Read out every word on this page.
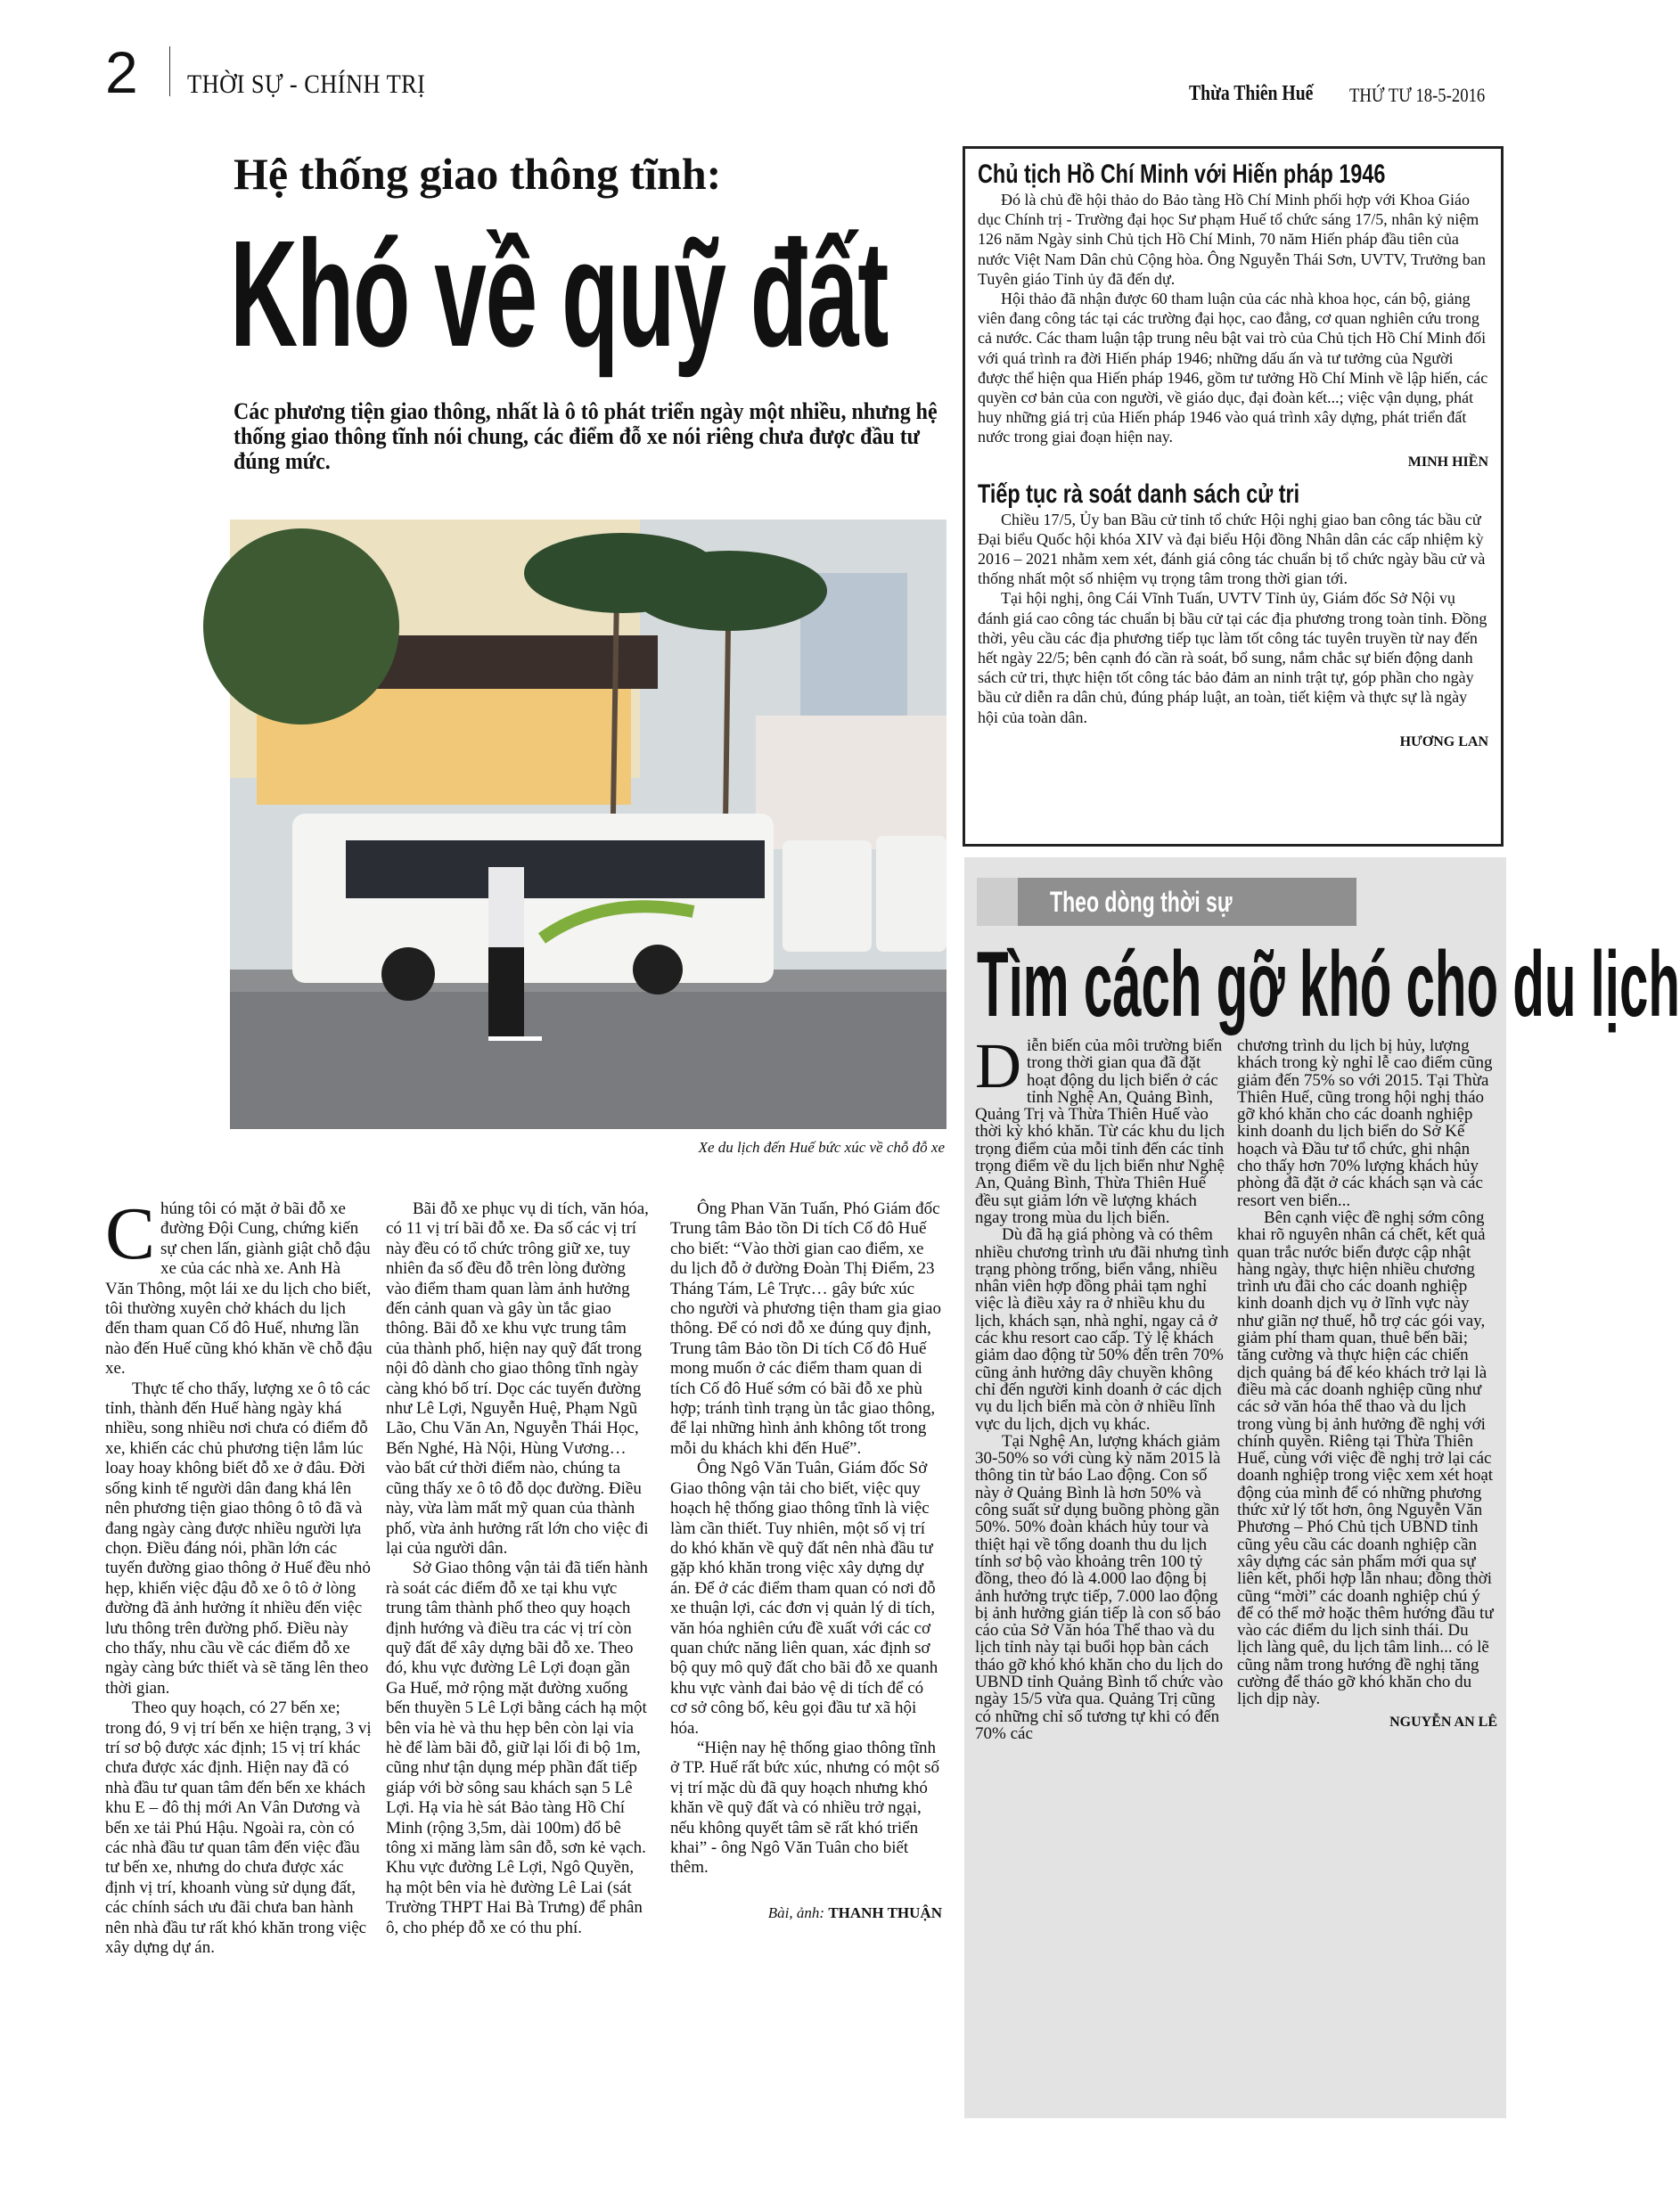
2 THỜI SỰ - CHÍNH TRỊ	Thừa Thiên Huế THỨ TƯ 18-5-2016
Hệ thống giao thông tĩnh:
Khó về quỹ đất
Các phương tiện giao thông, nhất là ô tô phát triển ngày một nhiều, nhưng hệ thống giao thông tĩnh nói chung, các điểm đỗ xe nói riêng chưa được đầu tư đúng mức.
Xe du lịch đến Huế bức xúc về chỗ đỗ xe

Chúng tôi có mặt ở bãi đỗ xe đường Đội Cung, chứng kiến sự chen lấn, giành giật chỗ đậu xe của các nhà xe. Anh Hà Văn Thông, một lái xe du lịch cho biết, tôi thường xuyên chở khách du lịch đến tham quan Cố đô Huế, nhưng lần nào đến Huế cũng khó khăn về chỗ đậu xe.

Thực tế cho thấy, lượng xe ô tô các tỉnh, thành đến Huế hàng ngày khá nhiều, song nhiều nơi chưa có điểm đỗ xe, khiến các chủ phương tiện lắm lúc loay hoay không biết đỗ xe ở đâu. Đời sống kinh tế người dân đang khá lên nên phương tiện giao thông ô tô đã và đang ngày càng được nhiều người lựa chọn. Điều đáng nói, phần lớn các tuyến đường giao thông ở Huế đều nhỏ hẹp, khiến việc đậu đỗ xe ô tô ở lòng đường đã ảnh hưởng ít nhiều đến việc lưu thông trên đường phố. Điều này cho thấy, nhu cầu về các điểm đỗ xe ngày càng bức thiết và sẽ tăng lên theo thời gian.

Theo quy hoạch, có 27 bến xe; trong đó, 9 vị trí bến xe hiện trạng, 3 vị trí sơ bộ được xác định; 15 vị trí khác chưa được xác định. Hiện nay đã có nhà đầu tư quan tâm đến bến xe khách khu E – đô thị mới An Vân Dương và bến xe tải Phú Hậu. Ngoài ra, còn có các nhà đầu tư quan tâm đến việc đầu tư bến xe, nhưng do chưa được xác định vị trí, khoanh vùng sử dụng đất, các chính sách ưu đãi chưa ban hành nên nhà đầu tư rất khó khăn trong việc xây dựng dự án.

Bãi đỗ xe phục vụ di tích, văn hóa, có 11 vị trí bãi đỗ xe. Đa số các vị trí này đều có tổ chức trông giữ xe, tuy nhiên đa số đều đỗ trên lòng đường vào điểm tham quan làm ảnh hưởng đến cảnh quan và gây ùn tắc giao thông. Bãi đỗ xe khu vực trung tâm của thành phố, hiện nay quỹ đất trong nội đô dành cho giao thông tĩnh ngày càng khó bố trí. Dọc các tuyến đường như Lê Lợi, Nguyễn Huệ, Phạm Ngũ Lão, Chu Văn An, Nguyễn Thái Học, Bến Nghé, Hà Nội, Hùng Vương… vào bất cứ thời điểm nào, chúng ta cũng thấy xe ô tô đỗ dọc đường. Điều này, vừa làm mất mỹ quan của thành phố, vừa ảnh hưởng rất lớn cho việc đi lại của người dân.

Sở Giao thông vận tải đã tiến hành rà soát các điểm đỗ xe tại khu vực trung tâm thành phố theo quy hoạch định hướng và điều tra các vị trí còn quỹ đất để xây dựng bãi đỗ xe. Theo đó, khu vực đường Lê Lợi đoạn gần Ga Huế, mở rộng mặt đường xuống bến thuyền 5 Lê Lợi bằng cách hạ một bên vỉa hè và thu hẹp bên còn lại vỉa hè để làm bãi đỗ, giữ lại lối đi bộ 1m, cũng như tận dụng mép phần đất tiếp giáp với bờ sông sau khách sạn 5 Lê Lợi. Hạ vỉa hè sát Bảo tàng Hồ Chí Minh (rộng 3,5m, dài 100m) đổ bê tông xi măng làm sân đỗ, sơn kẻ vạch. Khu vực đường Lê Lợi, Ngô Quyền, hạ một bên vỉa hè đường Lê Lai (sát Trường THPT Hai Bà Trưng) để phân ô, cho phép đỗ xe có thu phí.

Ông Phan Văn Tuấn, Phó Giám đốc Trung tâm Bảo tồn Di tích Cố đô Huế cho biết: “Vào thời gian cao điểm, xe du lịch đỗ ở đường Đoàn Thị Điểm, 23 Tháng Tám, Lê Trực… gây bức xúc cho người và phương tiện tham gia giao thông. Để có nơi đỗ xe đúng quy định, Trung tâm Bảo tồn Di tích Cố đô Huế mong muốn ở các điểm tham quan di tích Cố đô Huế sớm có bãi đỗ xe phù hợp; tránh tình trạng ùn tắc giao thông, để lại những hình ảnh không tốt trong mỗi du khách khi đến Huế”.

Ông Ngô Văn Tuân, Giám đốc Sở Giao thông vận tải cho biết, việc quy hoạch hệ thống giao thông tĩnh là việc làm cần thiết. Tuy nhiên, một số vị trí do khó khăn về quỹ đất nên nhà đầu tư gặp khó khăn trong việc xây dựng dự án. Để ở các điểm tham quan có nơi đỗ xe thuận lợi, các đơn vị quản lý di tích, văn hóa nghiên cứu đề xuất với các cơ quan chức năng liên quan, xác định sơ bộ quy mô quỹ đất cho bãi đỗ xe quanh khu vực vành đai bảo vệ di tích để có cơ sở công bố, kêu gọi đầu tư xã hội hóa.

“Hiện nay hệ thống giao thông tĩnh ở TP. Huế rất bức xúc, nhưng có một số vị trí mặc dù đã quy hoạch nhưng khó khăn về quỹ đất và có nhiều trở ngại, nếu không quyết tâm sẽ rất khó triển khai” - ông Ngô Văn Tuân cho biết thêm.

Bài, ảnh: THANH THUẬN
Chủ tịch Hồ Chí Minh với Hiến pháp 1946

Đó là chủ đề hội thảo do Bảo tàng Hồ Chí Minh phối hợp với Khoa Giáo dục Chính trị - Trường đại học Sư phạm Huế tổ chức sáng 17/5, nhân kỷ niệm 126 năm Ngày sinh Chủ tịch Hồ Chí Minh, 70 năm Hiến pháp đầu tiên của nước Việt Nam Dân chủ Cộng hòa. Ông Nguyễn Thái Sơn, UVTV, Trưởng ban Tuyên giáo Tỉnh ủy đã đến dự.

Hội thảo đã nhận được 60 tham luận của các nhà khoa học, cán bộ, giảng viên đang công tác tại các trường đại học, cao đẳng, cơ quan nghiên cứu trong cả nước. Các tham luận tập trung nêu bật vai trò của Chủ tịch Hồ Chí Minh đối với quá trình ra đời Hiến pháp 1946; những dấu ấn và tư tưởng của Người được thể hiện qua Hiến pháp 1946, gồm tư tưởng Hồ Chí Minh về lập hiến, các quyền cơ bản của con người, về giáo dục, đại đoàn kết...; việc vận dụng, phát huy những giá trị của Hiến pháp 1946 vào quá trình xây dựng, phát triển đất nước trong giai đoạn hiện nay.

MINH HIỀN
Tiếp tục rà soát danh sách cử tri

Chiều 17/5, Ủy ban Bầu cử tỉnh tổ chức Hội nghị giao ban công tác bầu cử Đại biểu Quốc hội khóa XIV và đại biểu Hội đồng Nhân dân các cấp nhiệm kỳ 2016 – 2021 nhằm xem xét, đánh giá công tác chuẩn bị tổ chức ngày bầu cử và thống nhất một số nhiệm vụ trọng tâm trong thời gian tới.

Tại hội nghị, ông Cái Vĩnh Tuấn, UVTV Tỉnh ủy, Giám đốc Sở Nội vụ đánh giá cao công tác chuẩn bị bầu cử tại các địa phương trong toàn tỉnh. Đồng thời, yêu cầu các địa phương tiếp tục làm tốt công tác tuyên truyền từ nay đến hết ngày 22/5; bên cạnh đó cần rà soát, bổ sung, nắm chắc sự biến động danh sách cử tri, thực hiện tốt công tác bảo đảm an ninh trật tự, góp phần cho ngày bầu cử diễn ra dân chủ, đúng pháp luật, an toàn, tiết kiệm và thực sự là ngày hội của toàn dân.

HƯƠNG LAN
Theo dòng thời sự
Tìm cách gỡ khó cho du lịch

Diễn biến của môi trường biển trong thời gian qua đã đặt hoạt động du lịch biển ở các tỉnh Nghệ An, Quảng Bình, Quảng Trị và Thừa Thiên Huế vào thời kỳ khó khăn. Từ các khu du lịch trọng điểm của mỗi tỉnh đến các tỉnh trọng điểm về du lịch biển như Nghệ An, Quảng Bình, Thừa Thiên Huế đều sụt giảm lớn về lượng khách ngay trong mùa du lịch biển.

Dù đã hạ giá phòng và có thêm nhiều chương trình ưu đãi nhưng tình trạng phòng trống, biển vắng, nhiều nhân viên hợp đồng phải tạm nghỉ việc là điều xảy ra ở nhiều khu du lịch, khách sạn, nhà nghỉ, ngay cả ở các khu resort cao cấp. Tỷ lệ khách giảm dao động từ 50% đến trên 70% cũng ảnh hưởng dây chuyền không chỉ đến người kinh doanh ở các dịch vụ du lịch biển mà còn ở nhiều lĩnh vực du lịch, dịch vụ khác.

Tại Nghệ An, lượng khách giảm 30-50% so với cùng kỳ năm 2015 là thông tin từ báo Lao động. Con số này ở Quảng Bình là hơn 50% và công suất sử dụng buồng phòng gần 50%. 50% đoàn khách hủy tour và thiệt hại về tổng doanh thu du lịch tính sơ bộ vào khoảng trên 100 tỷ đồng, theo đó là 4.000 lao động bị ảnh hưởng trực tiếp, 7.000 lao động bị ảnh hưởng gián tiếp là con số báo cáo của Sở Văn hóa Thể thao và du lịch tỉnh này tại buổi họp bàn cách tháo gỡ khó khó khăn cho du lịch do UBND tỉnh Quảng Bình tổ chức vào ngày 15/5 vừa qua. Quảng Trị cũng có những chỉ số tương tự khi có đến 70% các

chương trình du lịch bị hủy, lượng khách trong kỳ nghỉ lễ cao điểm cũng giảm đến 75% so với 2015. Tại Thừa Thiên Huế, cũng trong hội nghị tháo gỡ khó khăn cho các doanh nghiệp kinh doanh du lịch biển do Sở Kế hoạch và Đầu tư tổ chức, ghi nhận cho thấy hơn 70% lượng khách hủy phòng đã đặt ở các khách sạn và các resort ven biển...

Bên cạnh việc đề nghị sớm công khai rõ nguyên nhân cá chết, kết quả quan trắc nước biển được cập nhật hàng ngày, thực hiện nhiều chương trình ưu đãi cho các doanh nghiệp kinh doanh dịch vụ ở lĩnh vực này như giãn nợ thuế, hỗ trợ các gói vay, giảm phí tham quan, thuê bến bãi; tăng cường và thực hiện các chiến dịch quảng bá để kéo khách trở lại là điều mà các doanh nghiệp cũng như các sở văn hóa thể thao và du lịch trong vùng bị ảnh hưởng đề nghị với chính quyền. Riêng tại Thừa Thiên Huế, cùng với việc đề nghị trở lại các doanh nghiệp trong việc xem xét hoạt động của mình để có những phương thức xử lý tốt hơn, ông Nguyễn Văn Phương – Phó Chủ tịch UBND tỉnh cũng yêu cầu các doanh nghiệp cần xây dựng các sản phẩm mới qua sự liên kết, phối hợp lẫn nhau; đồng thời cũng “mời” các doanh nghiệp chú ý để có thể mở hoặc thêm hướng đầu tư vào các điểm du lịch sinh thái. Du lịch làng quê, du lịch tâm linh... có lẽ cũng nằm trong hướng đề nghị tăng cường để tháo gỡ khó khăn cho du lịch dịp này.

NGUYỄN AN LÊ
